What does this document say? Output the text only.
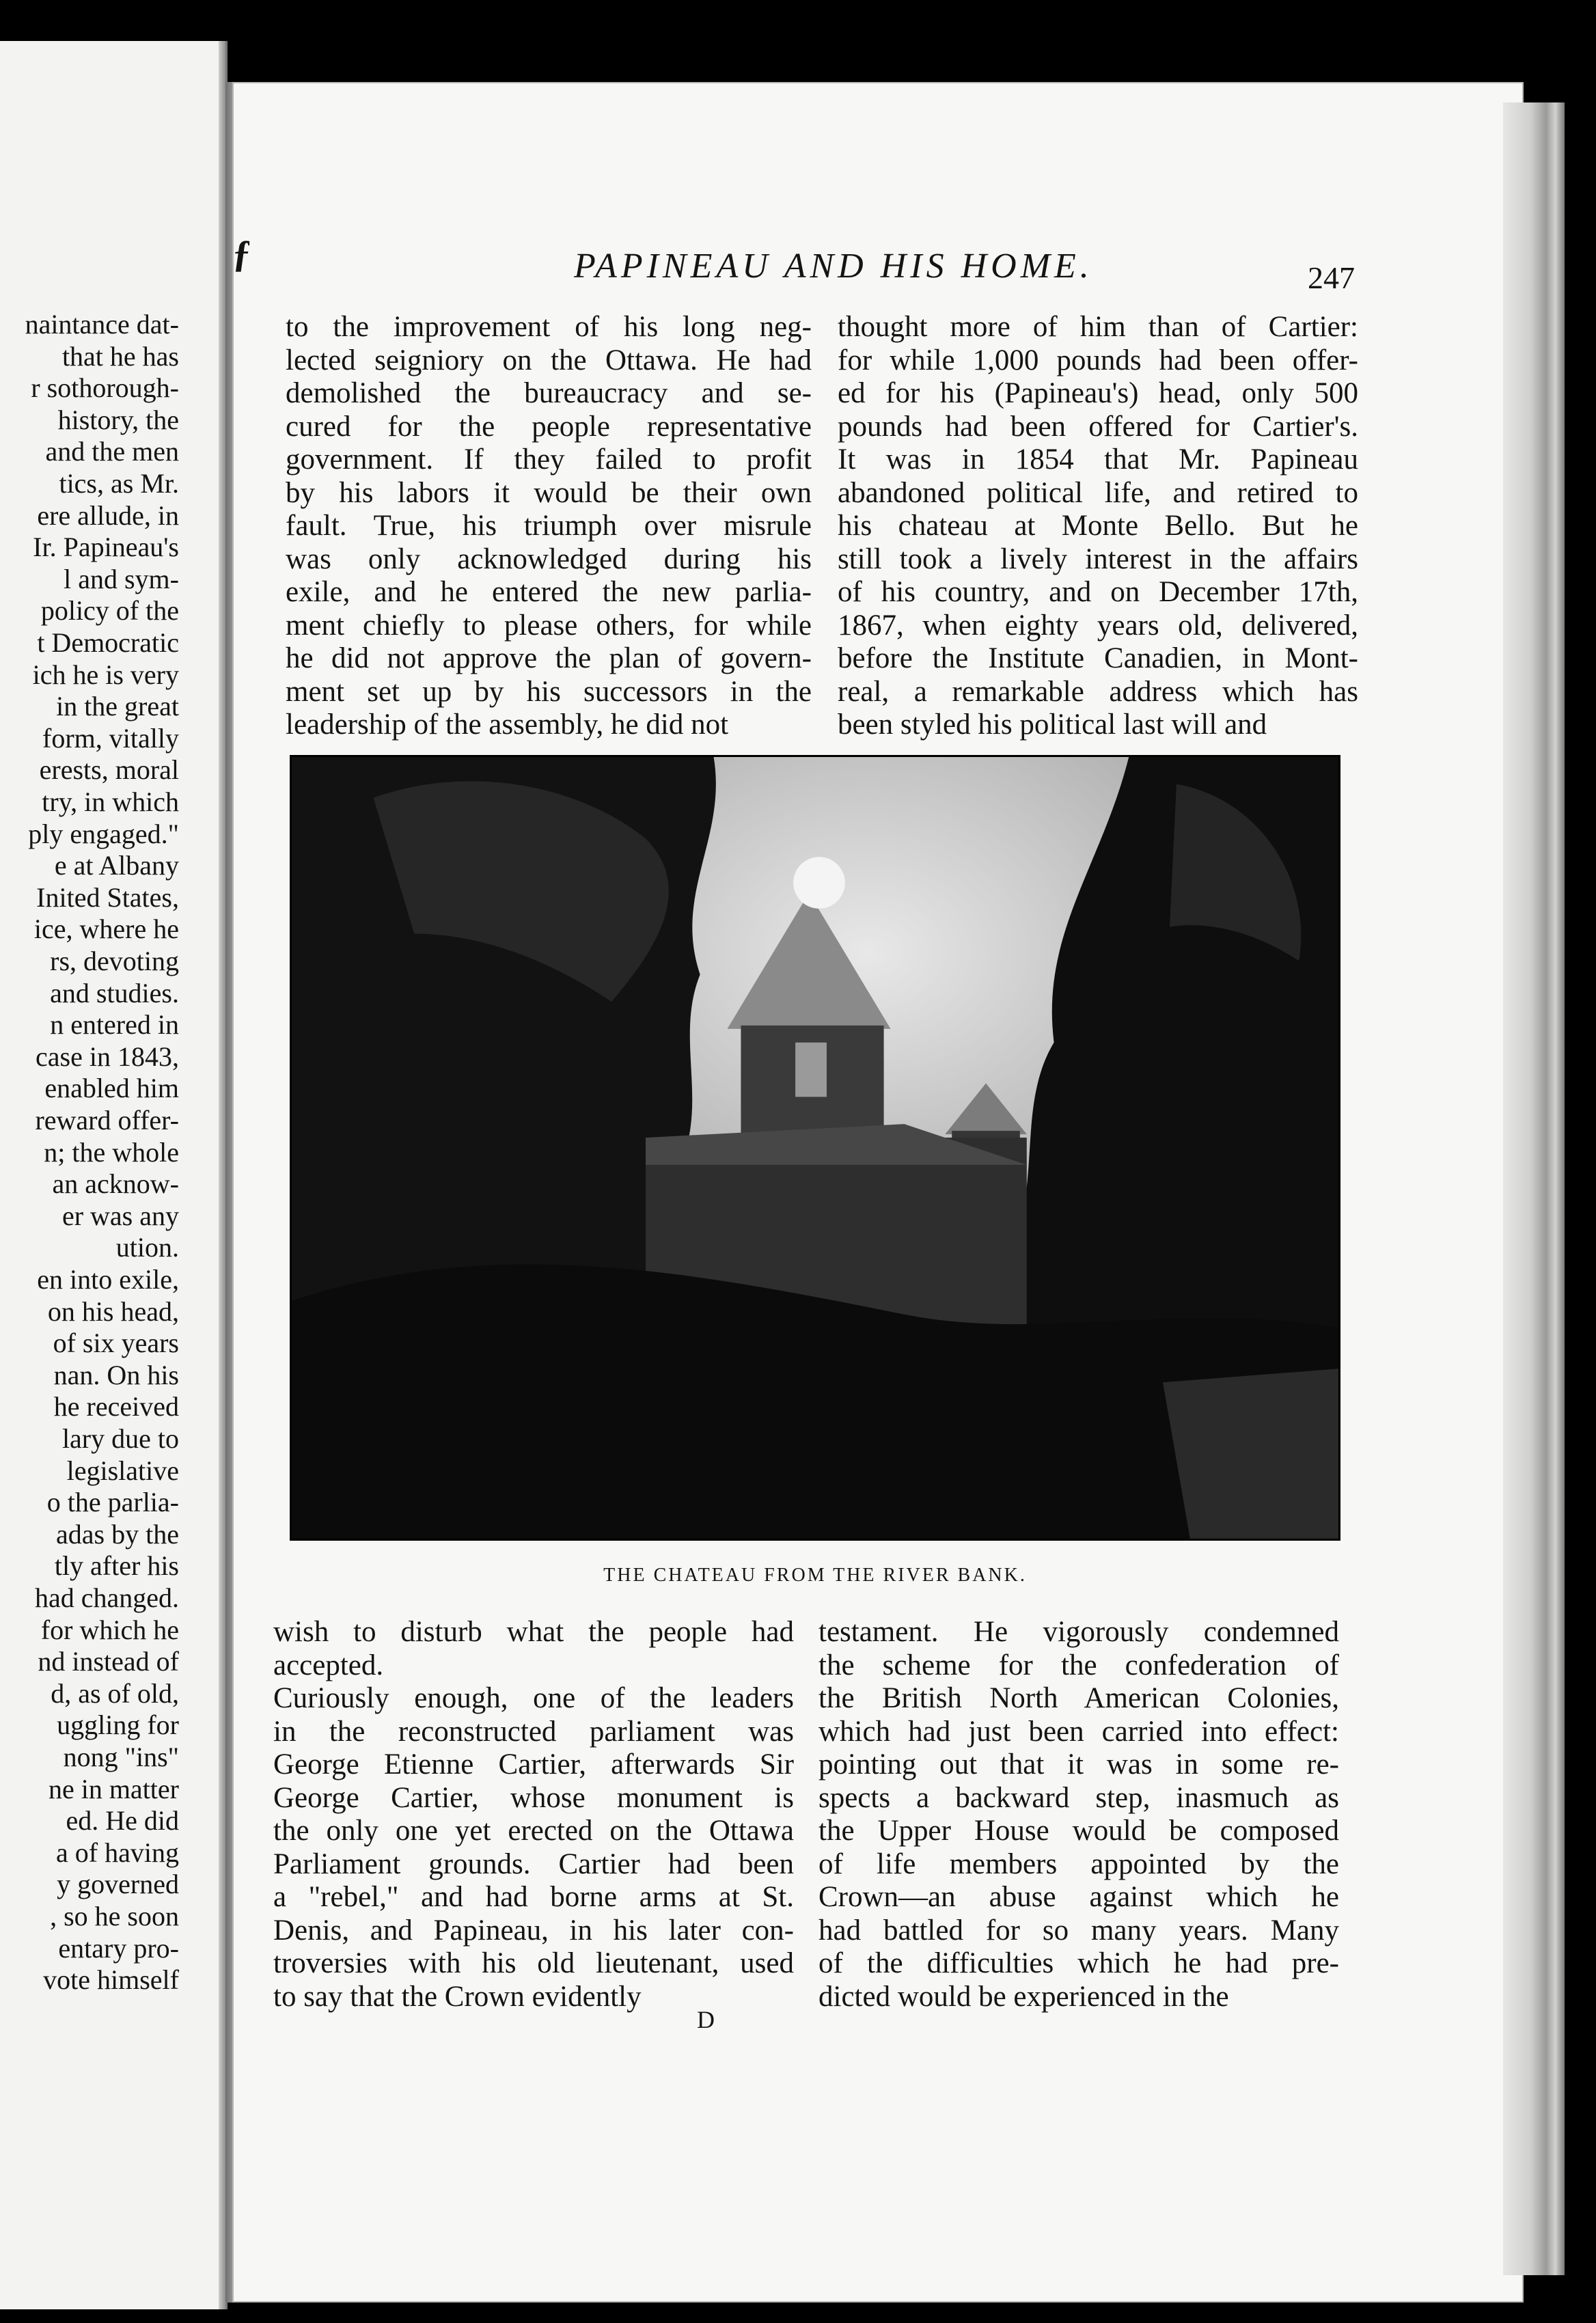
naintance dat-
that he has
r sothorough-
history, the
and the men
tics, as Mr.
ere allude, in
Ir. Papineau's
l and sym-
policy of the
t Democratic
ich he is very
in the great
form, vitally
erests, moral
try, in which
ply engaged."
e at Albany
Inited States,
ice, where he
rs, devoting
and studies.
n entered in
case in 1843,
enabled him
reward offer-
n; the whole
an acknow-
er was any
ution.
en into exile,
on his head,
of six years
nan. On his
he received
lary due to
legislative
o the parlia-
adas by the
tly after his
had changed.
for which he
nd instead of
d, as of old,
uggling for
nong "ins"
ne in matter
ed. He did
a of having
y governed
, so he soon
entary pro-
vote himself
ƒ	PAPINEAU AND HIS HOME.	247
to the improvement of his long neg-
lected seigniory on the Ottawa. He had
demolished the bureaucracy and se-
cured for the people representative
government. If they failed to profit
by his labors it would be their own
fault. True, his triumph over misrule
was only acknowledged during his
exile, and he entered the new parlia-
ment chiefly to please others, for while
he did not approve the plan of govern-
ment set up by his successors in the
leadership of the assembly, he did not
thought more of him than of Cartier:
for while 1,000 pounds had been offer-
ed for his (Papineau's) head, only 500
pounds had been offered for Cartier's.
It was in 1854 that Mr. Papineau
abandoned political life, and retired to
his chateau at Monte Bello. But he
still took a lively interest in the affairs
of his country, and on December 17th,
1867, when eighty years old, delivered,
before the Institute Canadien, in Mont-
real, a remarkable address which has
been styled his political last will and
THE CHATEAU FROM THE RIVER BANK.
wish to disturb what the people had
accepted.
Curiously enough, one of the leaders
in the reconstructed parliament was
George Etienne Cartier, afterwards Sir
George Cartier, whose monument is
the only one yet erected on the Ottawa
Parliament grounds. Cartier had been
a "rebel," and had borne arms at St.
Denis, and Papineau, in his later con-
troversies with his old lieutenant, used
to say that the Crown evidently
testament. He vigorously condemned
the scheme for the confederation of
the British North American Colonies,
which had just been carried into effect:
pointing out that it was in some re-
spects a backward step, inasmuch as
the Upper House would be composed
of life members appointed by the
Crown—an abuse against which he
had battled for so many years. Many
of the difficulties which he had pre-
dicted would be experienced in the
D
